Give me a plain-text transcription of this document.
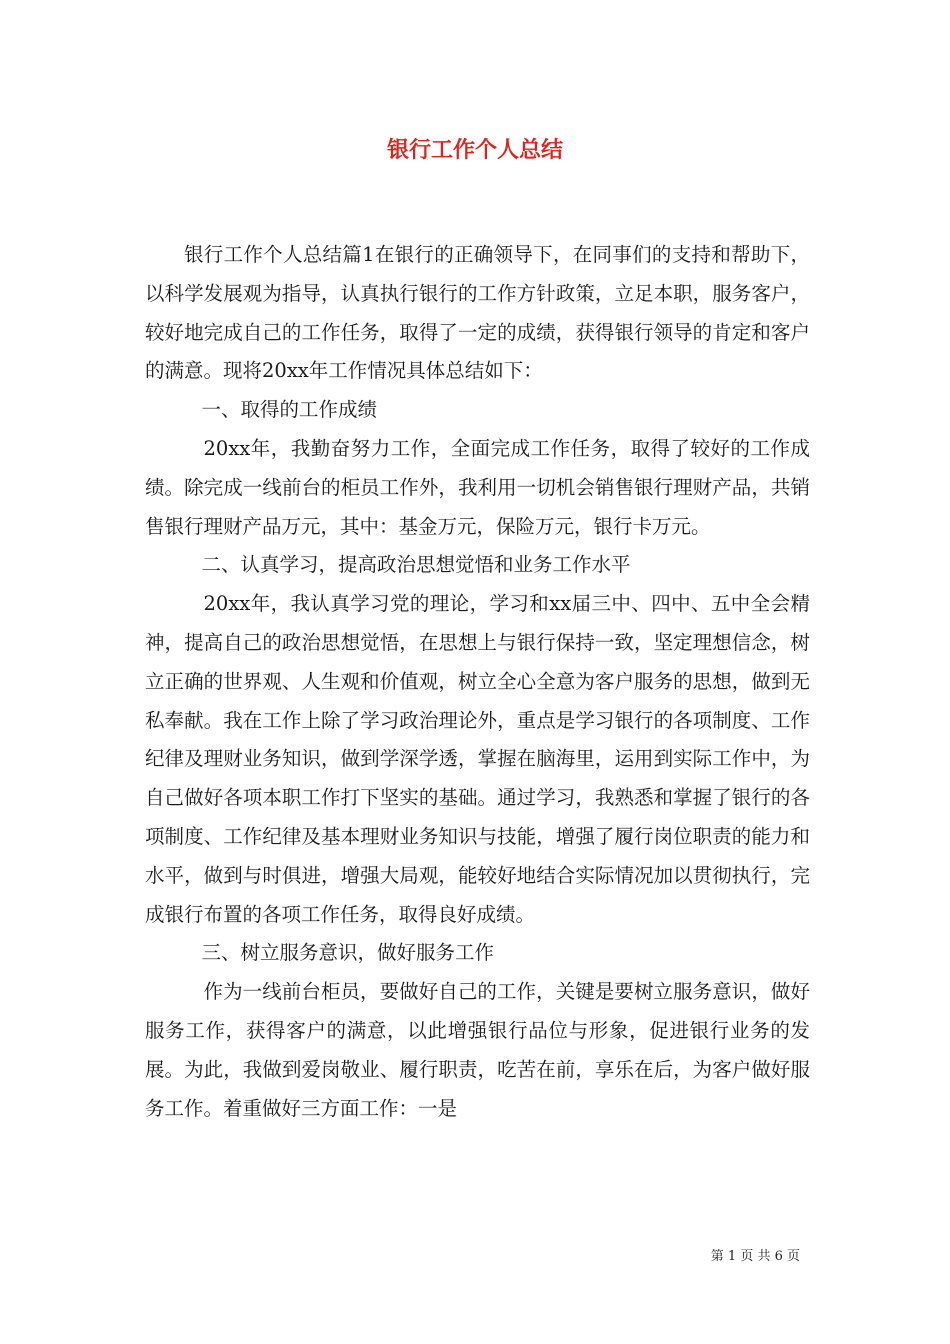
银行工作个人总结

银行工作个人总结篇1在银行的正确领导下，在同事们的支持和帮助下，以科学发展观为指导，认真执行银行的工作方针政策，立足本职，服务客户，较好地完成自己的工作任务，取得了一定的成绩，获得银行领导的肯定和客户的满意。现将20xx年工作情况具体总结如下：

一、取得的工作成绩

20xx年，我勤奋努力工作，全面完成工作任务，取得了较好的工作成绩。除完成一线前台的柜员工作外，我利用一切机会销售银行理财产品，共销售银行理财产品万元，其中：基金万元，保险万元，银行卡万元。

二、认真学习，提高政治思想觉悟和业务工作水平

20xx年，我认真学习党的理论，学习和xx届三中、四中、五中全会精神，提高自己的政治思想觉悟，在思想上与银行保持一致，坚定理想信念，树立正确的世界观、人生观和价值观，树立全心全意为客户服务的思想，做到无私奉献。我在工作上除了学习政治理论外，重点是学习银行的各项制度、工作纪律及理财业务知识，做到学深学透，掌握在脑海里，运用到实际工作中，为自己做好各项本职工作打下坚实的基础。通过学习，我熟悉和掌握了银行的各项制度、工作纪律及基本理财业务知识与技能，增强了履行岗位职责的能力和水平，做到与时俱进，增强大局观，能较好地结合实际情况加以贯彻执行，完成银行布置的各项工作任务，取得良好成绩。

三、树立服务意识，做好服务工作

作为一线前台柜员，要做好自己的工作，关键是要树立服务意识，做好服务工作，获得客户的满意，以此增强银行品位与形象，促进银行业务的发展。为此，我做到爱岗敬业、履行职责，吃苦在前，享乐在后，为客户做好服务工作。着重做好三方面工作：一是

第 1 页 共 6 页
